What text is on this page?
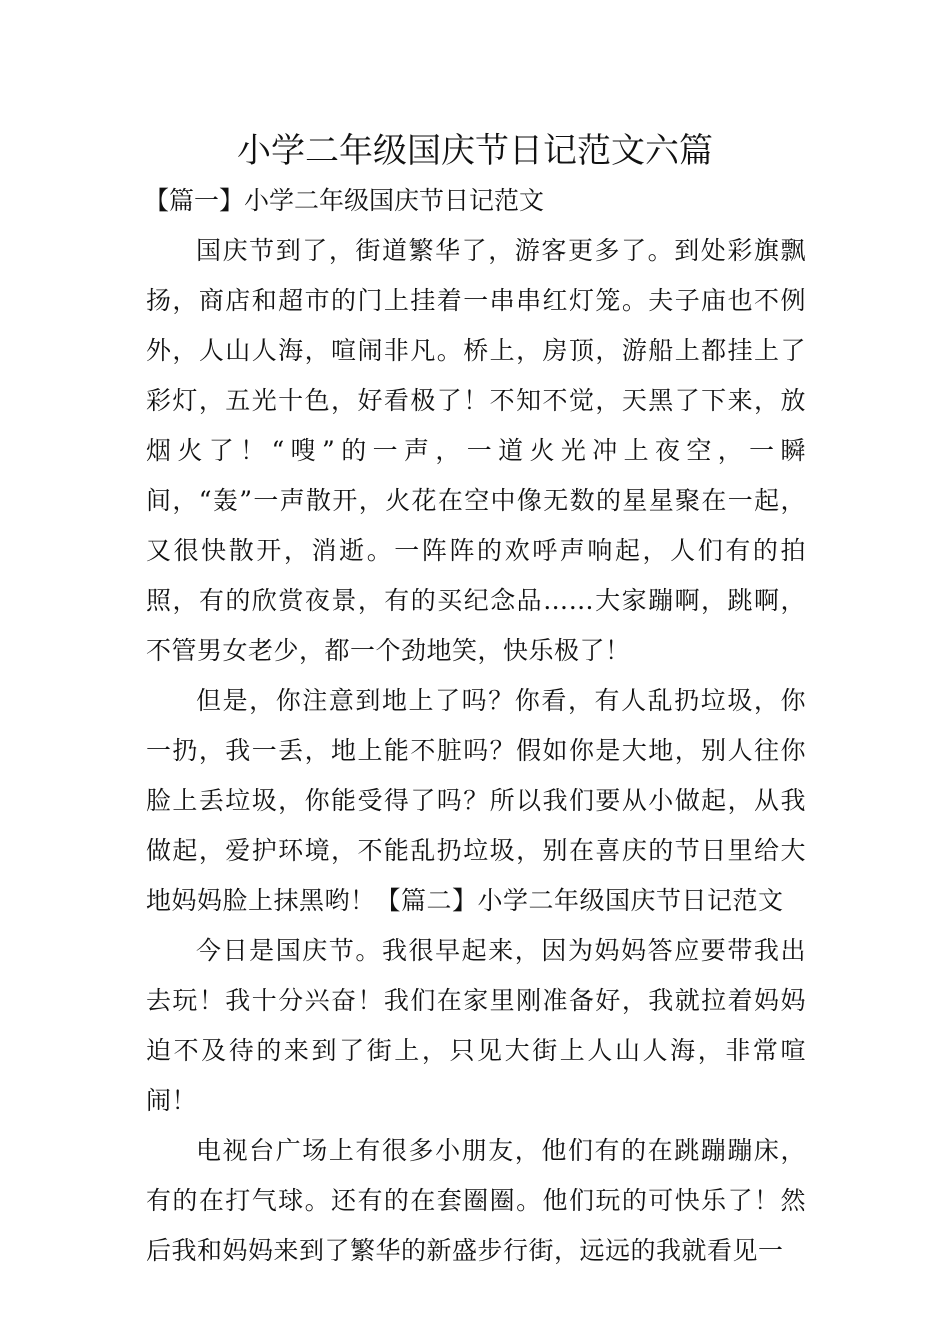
小学二年级国庆节日记范文六篇

【篇一】小学二年级国庆节日记范文

国庆节到了，街道繁华了，游客更多了。到处彩旗飘扬，商店和超市的门上挂着一串串红灯笼。夫子庙也不例外，人山人海，喧闹非凡。桥上，房顶，游船上都挂上了彩灯，五光十色，好看极了！不知不觉，天黑了下来，放烟火了！“嗖”的一声，一道火光冲上夜空，一瞬间，“轰”一声散开，火花在空中像无数的星星聚在一起，又很快散开，消逝。一阵阵的欢呼声响起，人们有的拍照，有的欣赏夜景，有的买纪念品……大家蹦啊，跳啊，不管男女老少，都一个劲地笑，快乐极了！

但是，你注意到地上了吗？你看，有人乱扔垃圾，你一扔，我一丢，地上能不脏吗？假如你是大地，别人往你脸上丢垃圾，你能受得了吗？所以我们要从小做起，从我做起，爱护环境，不能乱扔垃圾，别在喜庆的节日里给大地妈妈脸上抹黑哟！【篇二】小学二年级国庆节日记范文

今日是国庆节。我很早起来，因为妈妈答应要带我出去玩！我十分兴奋！我们在家里刚准备好，我就拉着妈妈迫不及待的来到了街上，只见大街上人山人海，非常喧闹！

电视台广场上有很多小朋友，他们有的在跳蹦蹦床，有的在打气球。还有的在套圈圈。他们玩的可快乐了！然后我和妈妈来到了繁华的新盛步行街，远远的我就看见一
